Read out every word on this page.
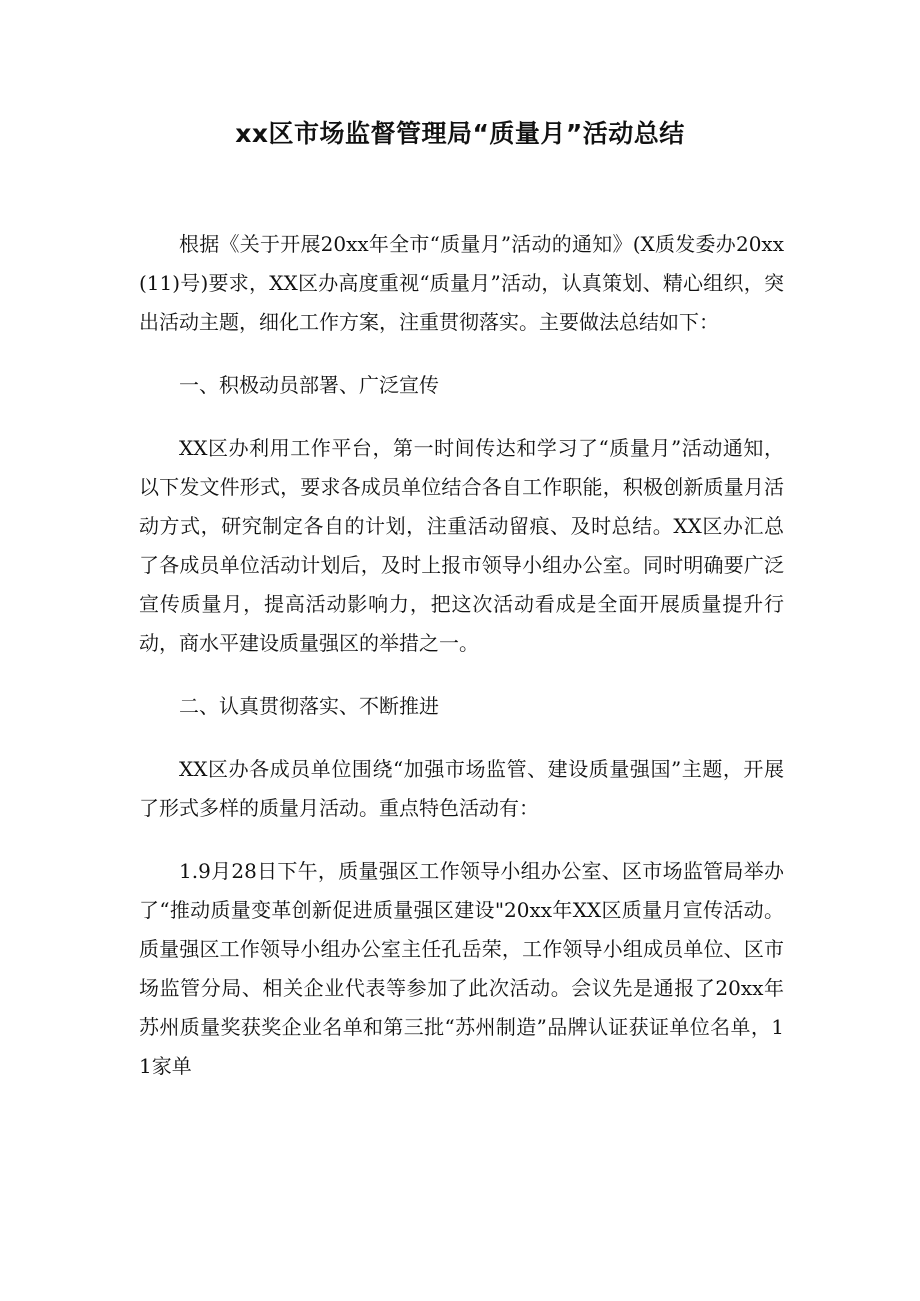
xx区市场监督管理局“质量月”活动总结

根据《关于开展20xx年全市“质量月”活动的通知》(X质发委办20xx(11)号)要求，XX区办高度重视“质量月”活动，认真策划、精心组织，突出活动主题，细化工作方案，注重贯彻落实。主要做法总结如下：

一、积极动员部署、广泛宣传

XX区办利用工作平台，第一时间传达和学习了“质量月”活动通知，以下发文件形式，要求各成员单位结合各自工作职能，积极创新质量月活动方式，研究制定各自的计划，注重活动留痕、及时总结。XX区办汇总了各成员单位活动计划后，及时上报市领导小组办公室。同时明确要广泛宣传质量月，提高活动影响力，把这次活动看成是全面开展质量提升行动，商水平建设质量强区的举措之一。

二、认真贯彻落实、不断推进

XX区办各成员单位围绕“加强市场监管、建设质量强国”主题，开展了形式多样的质量月活动。重点特色活动有：

1.9月28日下午，质量强区工作领导小组办公室、区市场监管局举办了“推动质量变革创新促进质量强区建设"20xx年XX区质量月宣传活动。质量强区工作领导小组办公室主任孔岳荣，工作领导小组成员单位、区市场监管分局、相关企业代表等参加了此次活动。会议先是通报了20xx年苏州质量奖获奖企业名单和第三批“苏州制造”品牌认证获证单位名单，11家单
